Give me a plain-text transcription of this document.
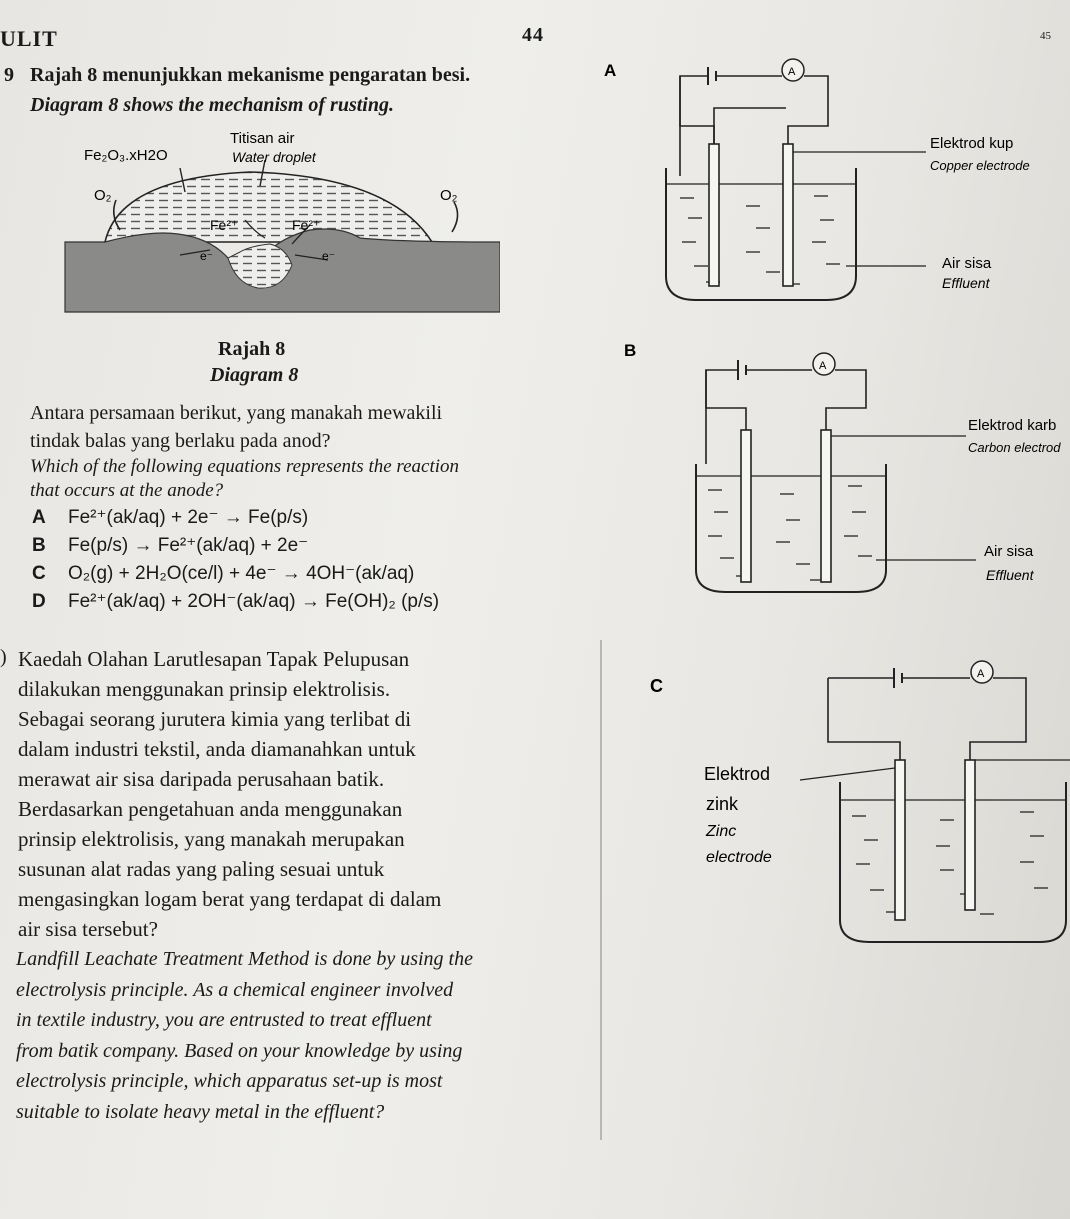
ULIT	44	45
9 Rajah 8 menunjukkan mekanisme pengaratan besi.
Diagram 8 shows the mechanism of rusting.
Titisan air
Water droplet
Fe₂O₃.xH2O
O₂	O₂
Fe²⁺	Fe²⁺
e⁻	e⁻
Rajah 8
Diagram 8
Antara persamaan berikut, yang manakah mewakili
tindak balas yang berlaku pada anod?
Which of the following equations represents the reaction
that occurs at the anode?
A Fe²⁺(ak/aq) + 2e⁻ → Fe(p/s)
B Fe(p/s) → Fe²⁺(ak/aq) + 2e⁻
C O₂(g) + 2H₂O(ce/l) + 4e⁻ → 4OH⁻(ak/aq)
D Fe²⁺(ak/aq) + 2OH⁻(ak/aq) → Fe(OH)₂ (p/s)
) Kaedah Olahan Larutlesapan Tapak Pelupusan
dilakukan menggunakan prinsip elektrolisis.
Sebagai seorang jurutera kimia yang terlibat di
dalam industri tekstil, anda diamanahkan untuk
merawat air sisa daripada perusahaan batik.
Berdasarkan pengetahuan anda menggunakan
prinsip elektrolisis, yang manakah merupakan
susunan alat radas yang paling sesuai untuk
mengasingkan logam berat yang terdapat di dalam
air sisa tersebut?
Landfill Leachate Treatment Method is done by using the
electrolysis principle. As a chemical engineer involved
in textile industry, you are entrusted to treat effluent
from batik company. Based on your knowledge by using
electrolysis principle, which apparatus set-up is most
suitable to isolate heavy metal in the effluent?
A	A
Elektrod kup
Copper electrode
Air sisa
Effluent
B
A
Elektrod karb
Carbon electrod
Air sisa
Effluent
C
A
Elektrod
zink
Zinc
electrode
